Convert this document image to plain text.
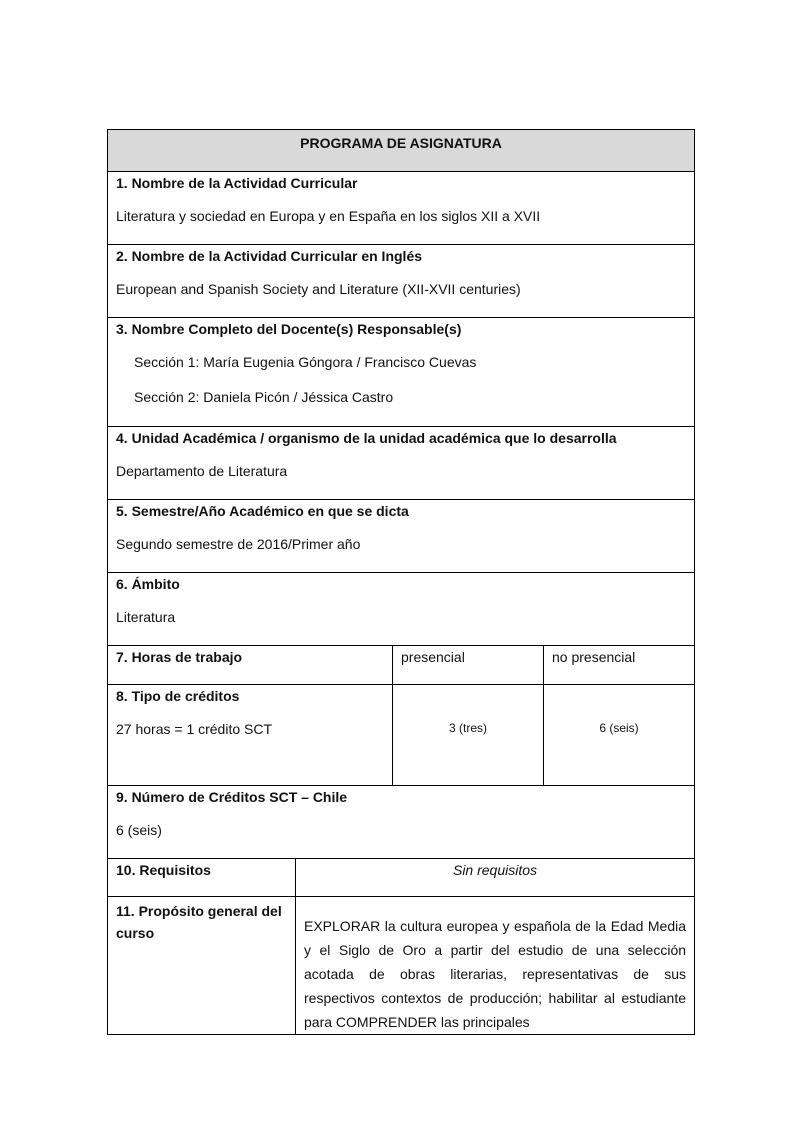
PROGRAMA DE ASIGNATURA			

1. Nombre de la Actividad Curricular
Literatura y sociedad en Europa y en España en los siglos XII a XVII			

2. Nombre de la Actividad Curricular en Inglés
European and Spanish Society and Literature (XII-XVII centuries)			

3. Nombre Completo del Docente(s) Responsable(s)
Sección 1: María Eugenia Góngora / Francisco Cuevas
Sección 2: Daniela Picón / Jéssica Castro			

4. Unidad Académica / organismo de la unidad académica que lo desarrolla
Departamento de Literatura			

5. Semestre/Año Académico en que se dicta
Segundo semestre de 2016/Primer año			

6. Ámbito
Literatura			

7. Horas de trabajo		presencial	no presencial

8. Tipo de créditos
27 horas = 1 crédito SCT		3 (tres)	6 (seis)

9. Número de Créditos SCT – Chile
6 (seis)			

10. Requisitos	Sin requisitos		
11. Propósito general del curso	EXPLORAR la cultura europea y española de la Edad Media y el Siglo de Oro a partir del estudio de una selección acotada de obras literarias, representativas de sus respectivos contextos de producción; habilitar al estudiante para COMPRENDER las principales		
